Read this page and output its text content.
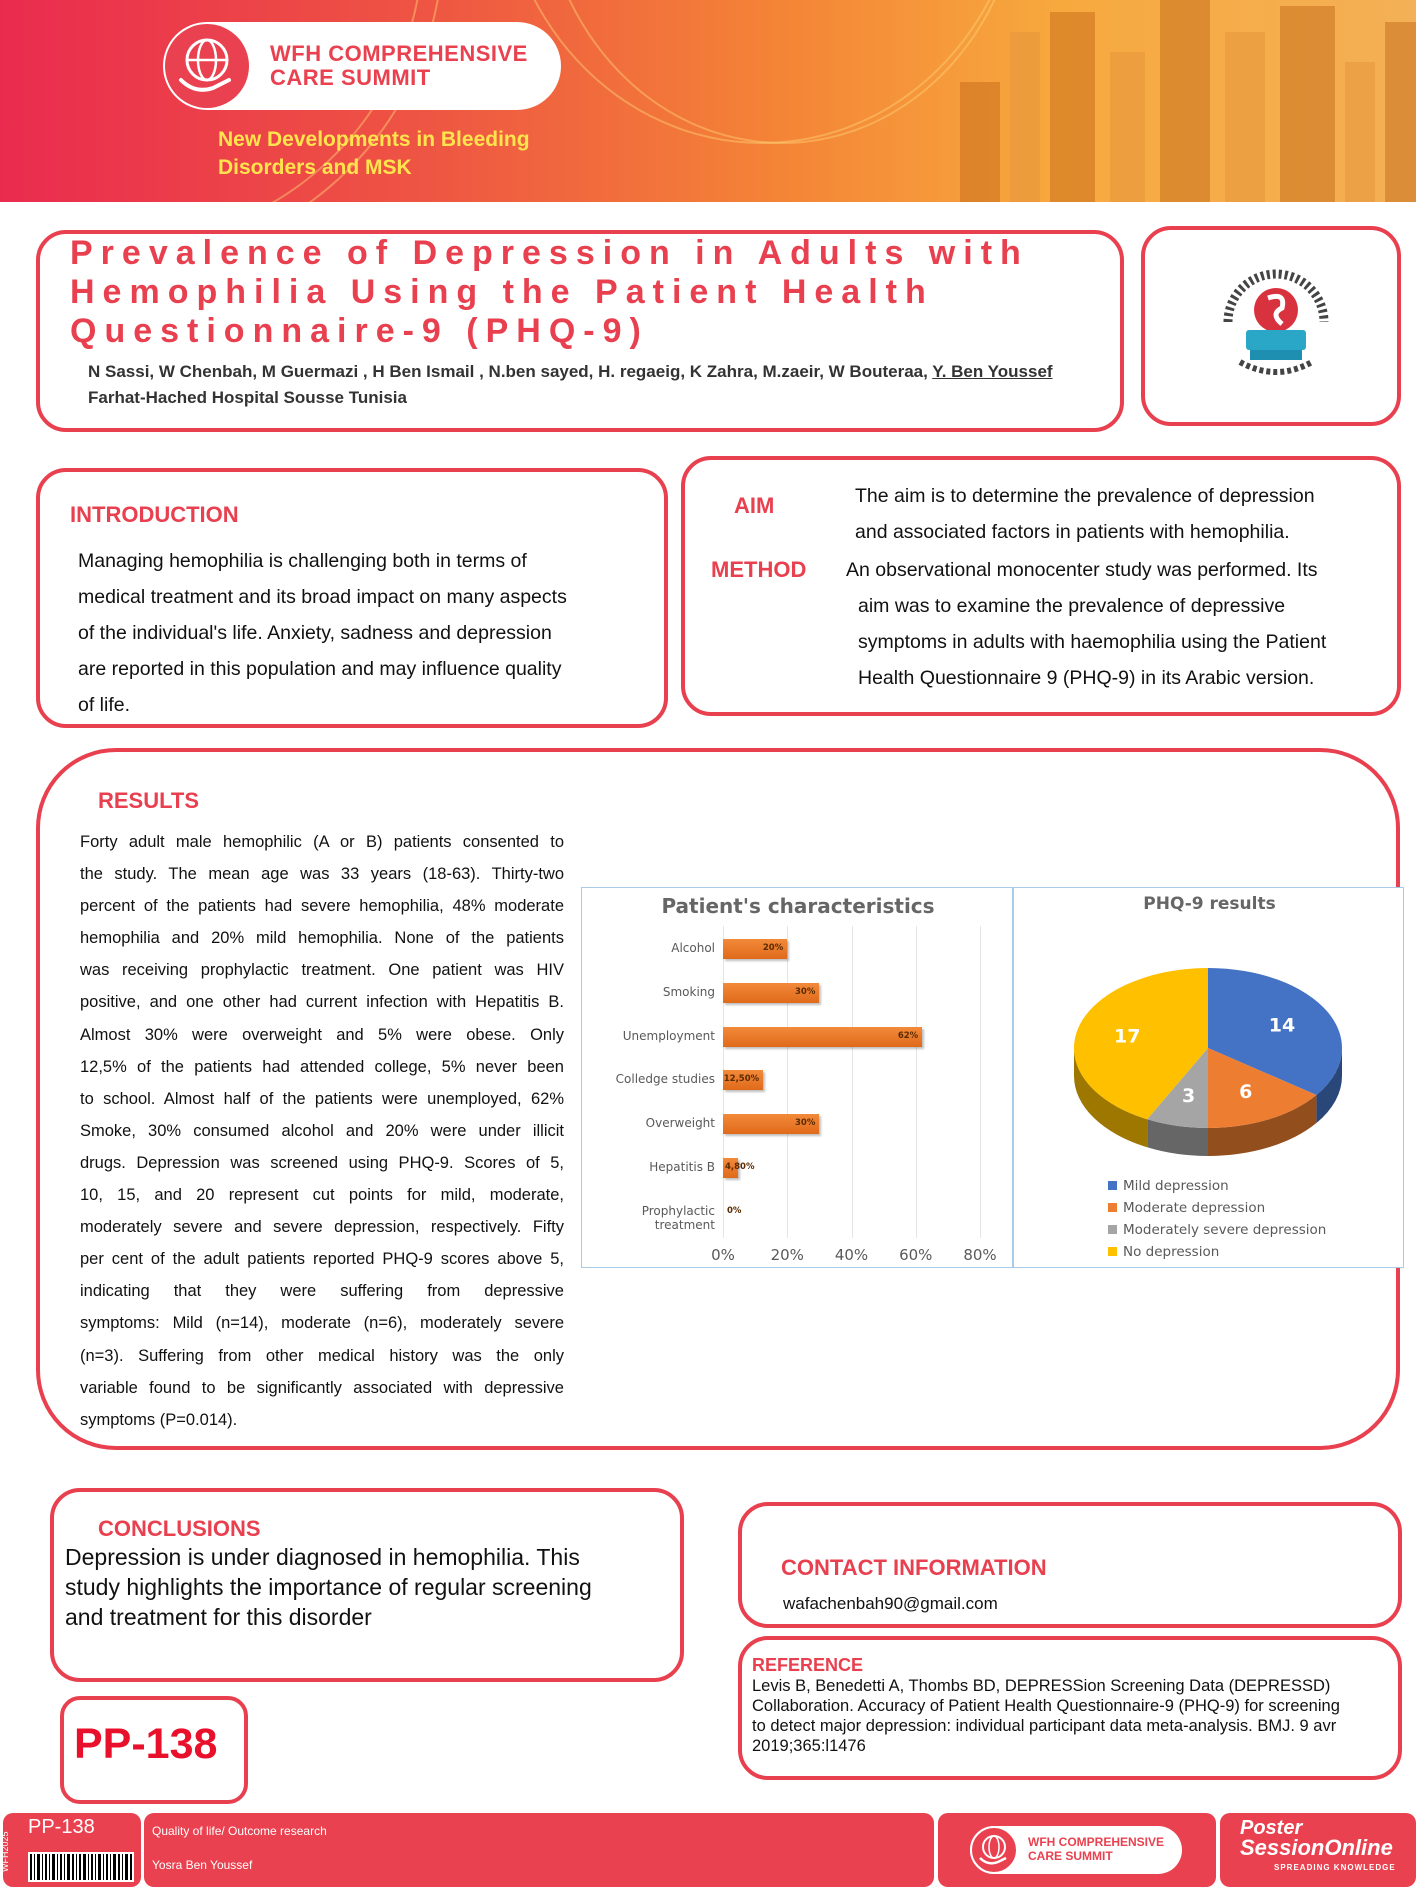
WFH COMPREHENSIVE
CARE SUMMIT
New Developments in Bleeding
Disorders and MSK
Prevalence of Depression in Adults with
Hemophilia Using the Patient Health
Questionnaire-9 (PHQ-9)
N Sassi, W Chenbah, M Guermazi , H Ben Ismail , N.ben sayed, H. regaeig, K Zahra, M.zaeir, W Bouteraa, Y. Ben Youssef
Farhat-Hached Hospital Sousse Tunisia
INTRODUCTION
Managing hemophilia is challenging both in terms of
medical treatment and its broad impact on many aspects
of the individual's life. Anxiety, sadness and depression
are reported in this population and may influence quality
of life.
AIM	The aim is to determine the prevalence of depression
and associated factors in patients with hemophilia.
METHOD An observational monocenter study was performed. Its
aim was to examine the prevalence of depressive
symptoms in adults with haemophilia using the Patient
Health Questionnaire 9 (PHQ-9) in its Arabic version.
RESULTS
Forty adult male hemophilic (A or B) patients consented to
the study. The mean age was 33 years (18-63). Thirty-two
percent of the patients had severe hemophilia, 48% moderate
hemophilia and 20% mild hemophilia. None of the patients
was receiving prophylactic treatment. One patient was HIV
positive, and one other had current infection with Hepatitis B.
Almost 30% were overweight and 5% were obese. Only
12,5% of the patients had attended college, 5% never been
to school. Almost half of the patients were unemployed, 62%
Smoke, 30% consumed alcohol and 20% were under illicit
drugs. Depression was screened using PHQ-9. Scores of 5,
10, 15, and 20 represent cut points for mild, moderate,
moderately severe and severe depression, respectively. Fifty
per cent of the adult patients reported PHQ-9 scores above 5,
indicating that they were suffering from depressive
symptoms: Mild (n=14), moderate (n=6), moderately severe
(n=3). Suffering from other medical history was the only
variable found to be significantly associated with depressive
symptoms (P=0.014).
Patient's characteristics
0%	20% 40% 60% 80%
Alcohol	20%
Smoking	30%
Unemployment	62%
Colledge studies 12,50%
Overweight	30%
Hepatitis B 4,80%
Prophylactic treatment
0%
PHQ-9 results
14
6
3
17
Mild depression
Moderate depression
Moderately severe depression
No depression
CONCLUSIONS
Depression is under diagnosed in hemophilia. This
study highlights the importance of regular screening
and treatment for this disorder
PP-138
CONTACT INFORMATION
wafachenbah90@gmail.com
REFERENCE
Levis B, Benedetti A, Thombs BD, DEPRESSion Screening Data (DEPRESSD)
Collaboration. Accuracy of Patient Health Questionnaire-9 (PHQ-9) for screening
to detect major depression: individual participant data meta-analysis. BMJ. 9 avr
2019;365:l1476
WFH2025
PP-138	Quality of life/ Outcome research
Yosra Ben Youssef
WFH COMPREHENSIVE
CARE SUMMIT
Poster
SessionOnline
SPREADING KNOWLEDGE
